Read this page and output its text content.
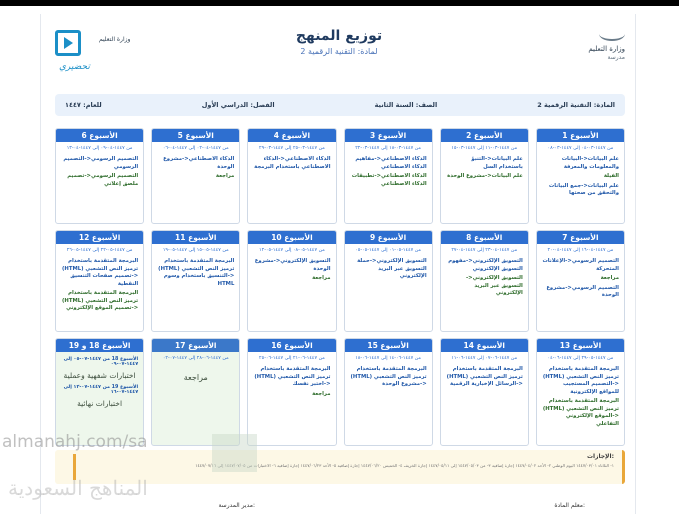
وزارة التعليم
مدرسة
توزيع المنهج
لمادة: التقنية الرقمية 2
وزارة التعليم
تحضيري
المادة: التقنية الرقمية 2
الصف: السنة الثانية
الفصل: الدراسي الأول
للعام: ١٤٤٧
الأسبوع 1
من ١٤٤٧-٠٣-٠٤ إلى ١٤٤٧-٠٣-٠٨
علم البيانات<-البيانات والمعلومات والمعرفة
الفيلة
علم البيانات<-جمع البيانات والتحقق من صحتها
الأسبوع 2
من ١٤٤٧-٠٣-١١ إلى ١٤٤٧-٠٣-١٥
علم البيانات<-التنبؤ باستخدام السل
علم البيانات<-مشروع الوحدة
الأسبوع 3
من ١٤٤٧-٠٣-١٨ إلى ١٤٤٧-٠٣-٢٢
الذكاء الاصطناعي<-مفاهيم الذكاء الاصطناعي
الذكاء الاصطناعي<-تطبيقات الذكاء الاصطناعي
الأسبوع 4
من ١٤٤٧-٠٣-٢٥ إلى ١٤٤٧-٠٣-٢٩
الذكاء الاصطناعي<-الذكاء الاصطناعي باستخدام البرمجة
الأسبوع 5
من ١٤٤٧-٠٤-٠٢ إلى ١٤٤٧-٠٤-٠٦
الذكاء الاصطناعي<-مشروع الوحدة
مراجعة
الأسبوع 6
من ١٤٤٧-٠٤-٠٩ إلى ١٤٤٧-٠٤-١٣
التصميم الرسومي<-التصميم الرسومي
التصميم الرسومي<-تصميم ملصق إعلاني
الأسبوع 7
من ١٤٤٧-٠٤-١٦ إلى ١٤٤٧-٠٤-٢٠
التصميم الرسومي<-الإعلانات المتحركة
مراجعة
التصميم الرسومي<-مشروع الوحدة
الأسبوع 8
من ١٤٤٧-٠٤-٢٣ إلى ١٤٤٧-٠٤-٢٧
التسويق الإلكتروني<-مفهوم التسويق الإلكتروني
التسويق الإلكتروني<-التسويق عبر البريد الإلكتروني
الأسبوع 9
من ١٤٤٧-٠٥-٠١ إلى ١٤٤٧-٠٥-٠٥
التسويق الإلكتروني<-حملة التسويق عبر البريد الإلكتروني
الأسبوع 10
من ١٤٤٧-٠٥-٠٨ إلى ١٤٤٧-٠٥-١٢
التسويق الإلكتروني<-مشروع الوحدة
مراجعة
الأسبوع 11
من ١٤٤٧-٠٥-١٥ إلى ١٤٤٧-٠٥-١٩
البرمجة المتقدمة باستخدام ترميز النص التشعبي (HTML)<-التنسيق باستخدام وسوم HTML
الأسبوع 12
من ١٤٤٧-٠٥-٢٢ إلى ١٤٤٧-٠٥-٢٦
البرمجة المتقدمة باستخدام ترميز النص التشعبي (HTML)<-تصميم صفحات التنسيق النقطية
البرمجة المتقدمة باستخدام ترميز النص التشعبي (HTML)<-تصميم الموقع الإلكتروني
الأسبوع 13
من ١٤٤٧-٠٥-٢٩ إلى ١٤٤٧-٠٦-٠٤
البرمجة المتقدمة باستخدام ترميز النص التشعبي (HTML)<-التصميم المستجيب للمواقع الإلكترونية
البرمجة المتقدمة باستخدام ترميز النص التشعبي (HTML)<-الموقع الإلكتروني التفاعلي
الأسبوع 14
من ١٤٤٧-٠٦-٠٧ إلى ١٤٤٧-٠٦-١١
البرمجة المتقدمة باستخدام ترميز النص التشعبي (HTML)<-الرسائل الإخبارية الرقمية
الأسبوع 15
من ١٤٤٧-٠٦-١٤ إلى ١٤٤٧-٠٦-١٨
البرمجة المتقدمة باستخدام ترميز النص التشعبي (HTML)<-مشروع الوحدة
الأسبوع 16
من ١٤٤٧-٠٦-٢١ إلى ١٤٤٧-٠٦-٢٥
البرمجة المتقدمة باستخدام ترميز النص التشعبي (HTML)<-اختبر نفسك
مراجعة
الأسبوع 17
من ١٤٤٧-٠٦-٢٨ إلى ١٤٤٧-٠٧-٠٢
مراجعة
الأسبوع 18 و 19
الأسبوع 18 من ١٤٤٧-٠٧-٠٥ إلى ١٤٤٧-٠٧-٠٩
اختبارات شفهية وعملية
الأسبوع 19 من ١٤٤٧-٠٧-١٢ إلى ١٤٤٧-٠٧-١٦
اختبارات نهائية
الإجازات:
١- الثلاثاء ١٤٤٧/٠٣/٠١ اليوم الوطني ٢- الأحد ١٤٤٧/٠٤/٠٢ إجازة إضافية ٣- من ١٤٤٧/٠٥/٠٣ إلى ١٤٤٧/٠٥/١١ إجازة الخريف ٤- الخميس ١٤٤٧/٠٦/٢٠ إجازة إضافية ٥- الأحد ١٤٤٧/٠٦/٢٣ إجازة إضافية ٦- الاختبارات من ١٤٤٧/٠٧/٠٥ إلى ١٤٤٧/٠٧/١٦
معلم المادة:
مدير المدرسة:
almanahj.com/sa
المناهج السعودية
